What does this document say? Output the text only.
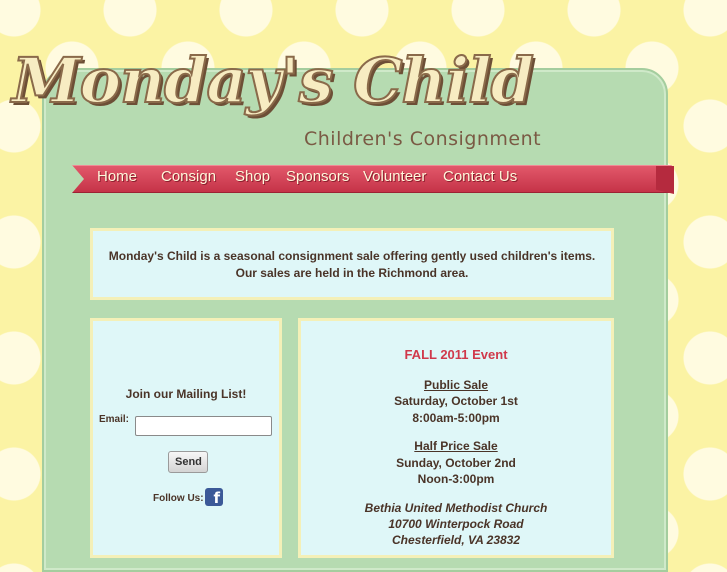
Monday's Child
Children's Consignment
Home	Consign	Shop	Sponsors Volunteer	Contact Us
Monday's Child is a seasonal consignment sale offering gently used children's items.
Our sales are held in the Richmond area.
Join our Mailing List!
Email:
Send
Follow Us: f
FALL 2011 Event
Public Sale
Saturday, October 1st
8:00am-5:00pm
Half Price Sale
Sunday, October 2nd
Noon-3:00pm
Bethia United Methodist Church
10700 Winterpock Road
Chesterfield, VA 23832
